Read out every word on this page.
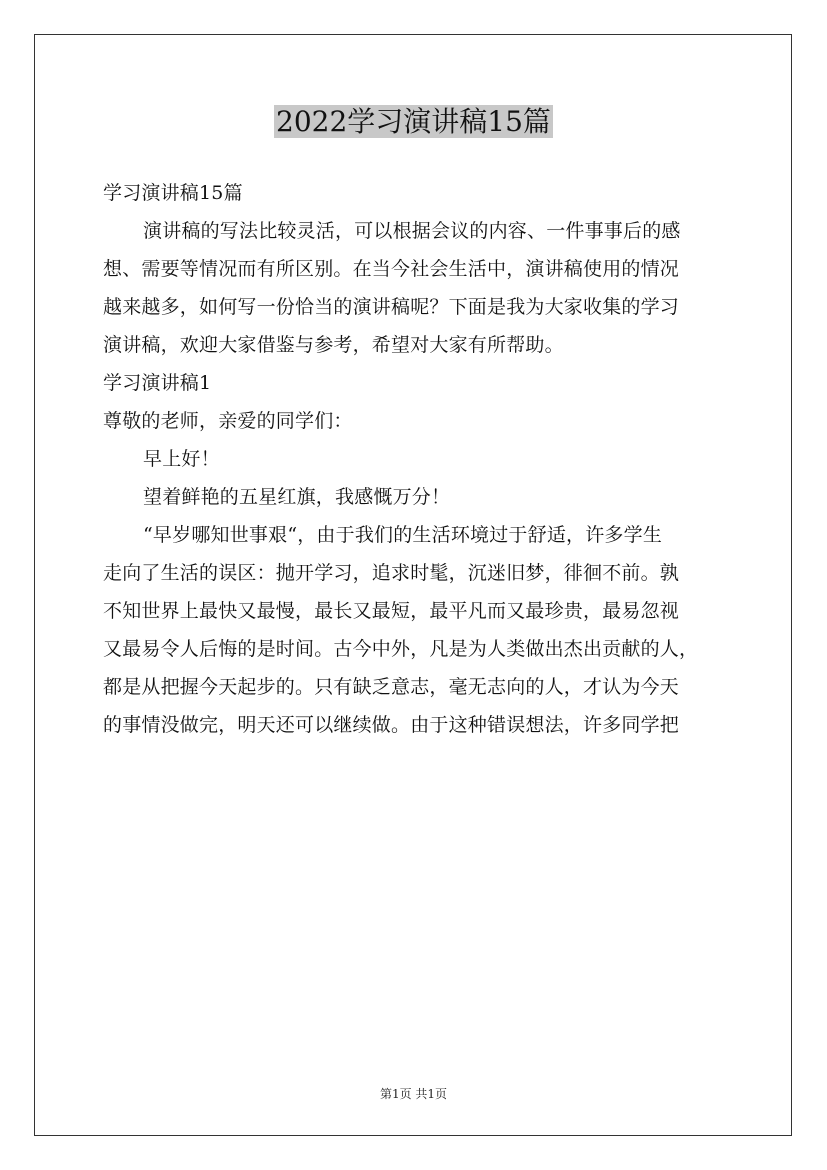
2022学习演讲稿15篇

学习演讲稿15篇

演讲稿的写法比较灵活，可以根据会议的内容、一件事事后的感

想、需要等情况而有所区别。在当今社会生活中，演讲稿使用的情况

越来越多，如何写一份恰当的演讲稿呢？下面是我为大家收集的学习

演讲稿，欢迎大家借鉴与参考，希望对大家有所帮助。

学习演讲稿1

尊敬的老师，亲爱的同学们：

早上好！

望着鲜艳的五星红旗，我感慨万分！

“早岁哪知世事艰“，由于我们的生活环境过于舒适，许多学生

走向了生活的误区：抛开学习，追求时髦，沉迷旧梦，徘徊不前。孰

不知世界上最快又最慢，最长又最短，最平凡而又最珍贵，最易忽视

又最易令人后悔的是时间。古今中外，凡是为人类做出杰出贡献的人，

都是从把握今天起步的。只有缺乏意志，毫无志向的人，才认为今天

的事情没做完，明天还可以继续做。由于这种错误想法，许多同学把

第1页 共1页
